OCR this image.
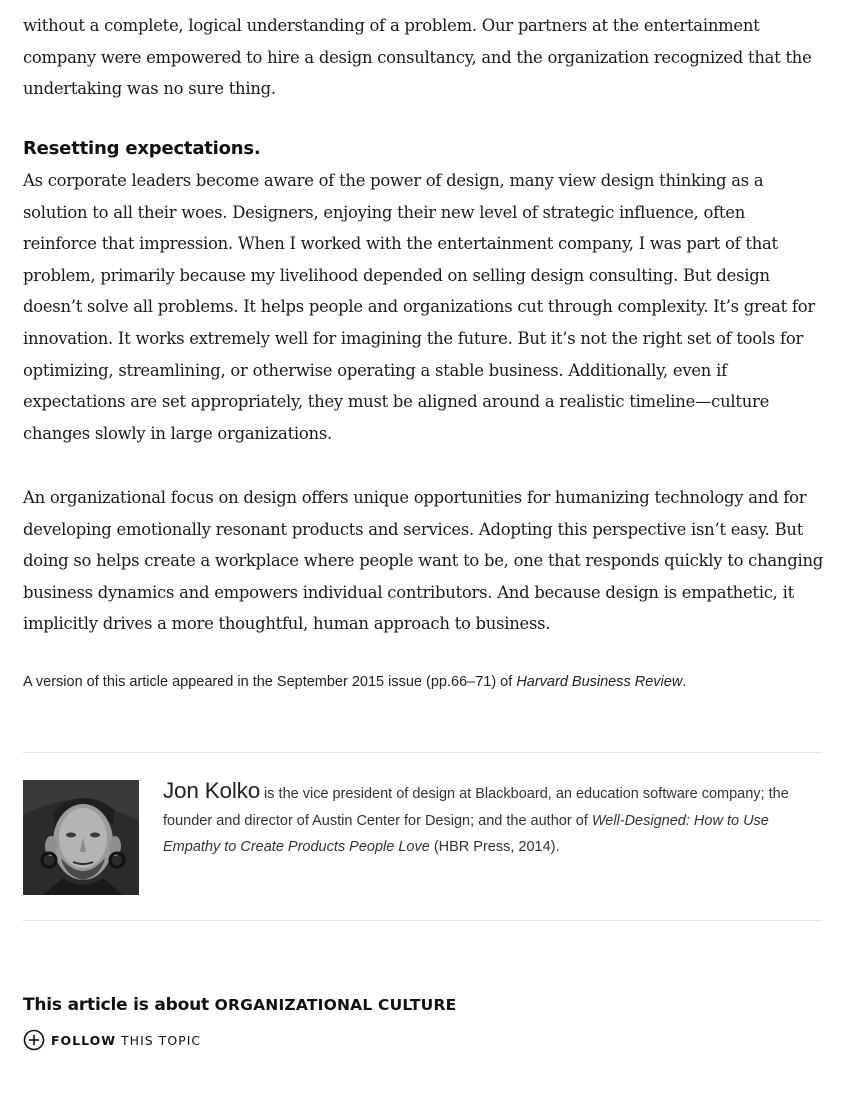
without a complete, logical understanding of a problem. Our partners at the entertainment company were empowered to hire a design consultancy, and the organization recognized that the undertaking was no sure thing.

Resetting expectations.

As corporate leaders become aware of the power of design, many view design thinking as a solution to all their woes. Designers, enjoying their new level of strategic influence, often reinforce that impression. When I worked with the entertainment company, I was part of that problem, primarily because my livelihood depended on selling design consulting. But design doesn’t solve all problems. It helps people and organizations cut through complexity. It’s great for innovation. It works extremely well for imagining the future. But it’s not the right set of tools for optimizing, streamlining, or otherwise operating a stable business. Additionally, even if expectations are set appropriately, they must be aligned around a realistic timeline—culture changes slowly in large organizations.

An organizational focus on design offers unique opportunities for humanizing technology and for developing emotionally resonant products and services. Adopting this perspective isn’t easy. But doing so helps create a workplace where people want to be, one that responds quickly to changing business dynamics and empowers individual contributors. And because design is empathetic, it implicitly drives a more thoughtful, human approach to business.

A version of this article appeared in the September 2015 issue (pp.66–71) of Harvard Business Review.

Jon Kolko is the vice president of design at Blackboard, an education software company; the founder and director of Austin Center for Design; and the author of Well-Designed: How to Use Empathy to Create Products People Love (HBR Press, 2014).
This article is about ORGANIZATIONAL CULTURE
FOLLOW THIS TOPIC
